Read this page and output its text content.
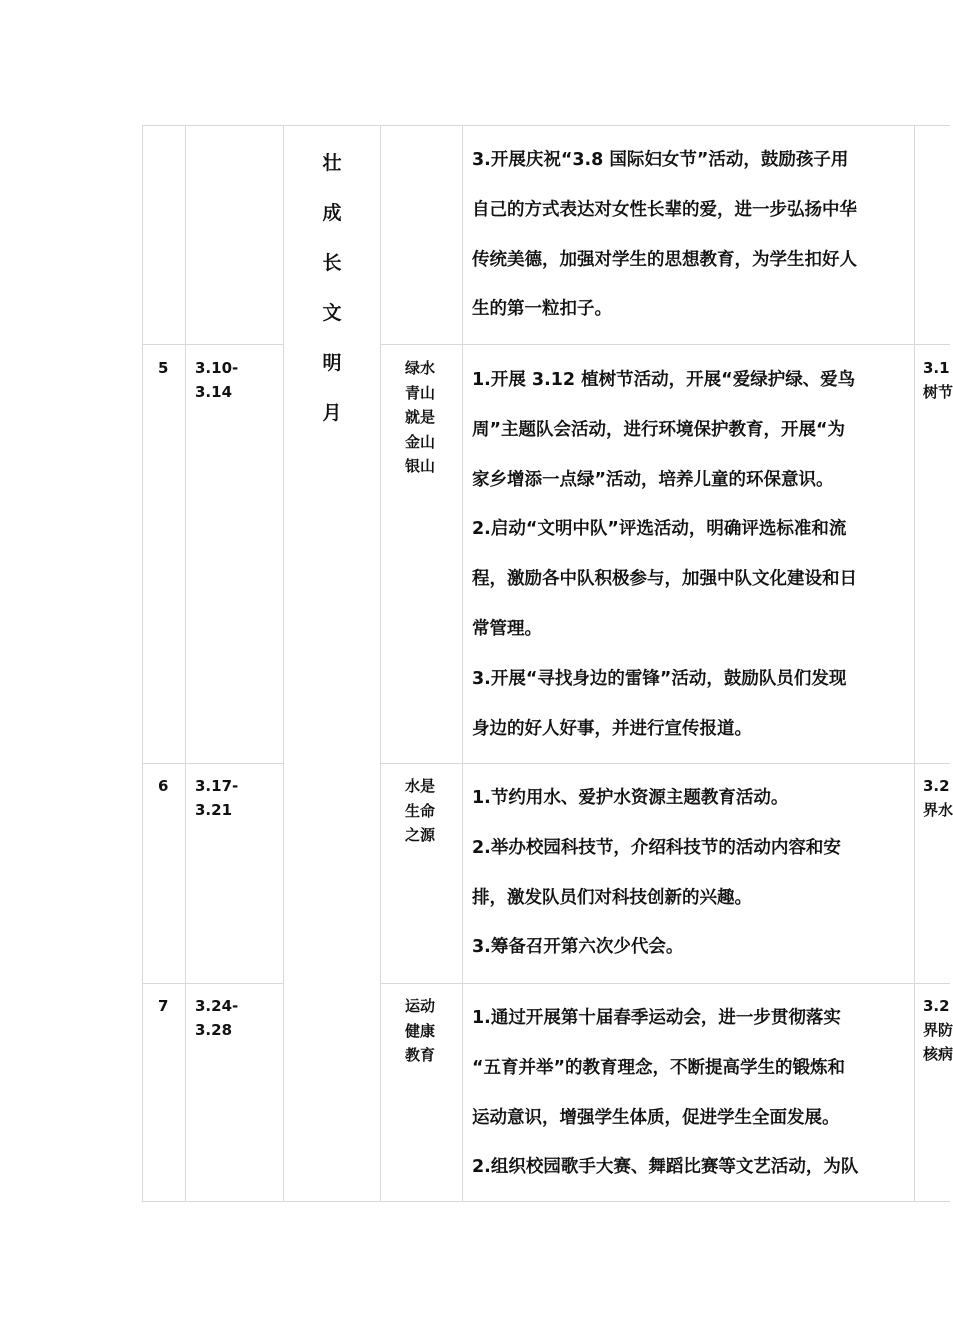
壮
成
长
文
明
月
3.开展庆祝“3.8 国际妇女节”活动，鼓励孩子用
自己的方式表达对女性长辈的爱，进一步弘扬中华
传统美德，加强对学生的思想教育，为学生扣好人
生的第一粒扣子。
5 3.10-
3.14
绿水
青山
就是
金山
银山
1.开展 3.12 植树节活动，开展“爱绿护绿、爱鸟
周”主题队会活动，进行环境保护教育，开展“为
家乡增添一点绿”活动，培养儿童的环保意识。
2.启动“文明中队”评选活动，明确评选标准和流
程，激励各中队积极参与，加强中队文化建设和日
常管理。
3.开展“寻找身边的雷锋”活动，鼓励队员们发现
身边的好人好事，并进行宣传报道。
3.1
树节
6 3.17-
3.21
水是
生命
之源
1.节约用水、爱护水资源主题教育活动。
2.举办校园科技节，介绍科技节的活动内容和安
排，激发队员们对科技创新的兴趣。
3.筹备召开第六次少代会。
3.2
界水
7 3.24-
3.28
运动
健康
教育
1.通过开展第十届春季运动会，进一步贯彻落实
“五育并举”的教育理念，不断提高学生的锻炼和
运动意识，增强学生体质，促进学生全面发展。
2.组织校园歌手大赛、舞蹈比赛等文艺活动，为队
3.2
界防
核病
